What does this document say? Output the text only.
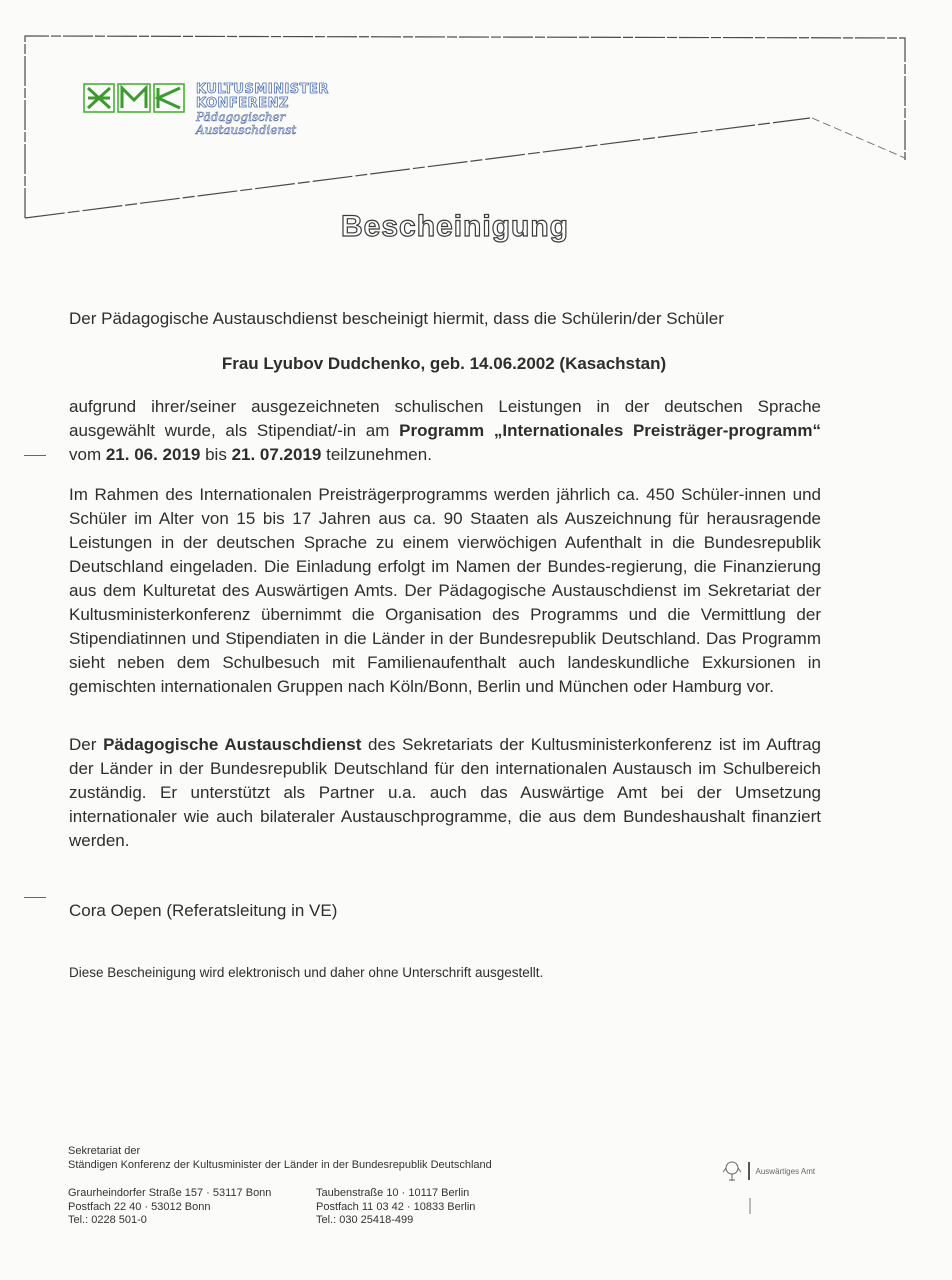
KULTUSMINISTER
KONFERENZ
Pädagogischer
Austauschdienst
Bescheinigung
Der Pädagogische Austauschdienst bescheinigt hiermit, dass die Schülerin/der Schüler
Frau Lyubov Dudchenko, geb. 14.06.2002 (Kasachstan)
aufgrund ihrer/seiner ausgezeichneten schulischen Leistungen in der deutschen Sprache ausgewählt wurde, als Stipendiat/-in am Programm „Internationales Preisträger-programm“ vom 21. 06. 2019 bis 21. 07.2019 teilzunehmen.
Im Rahmen des Internationalen Preisträgerprogramms werden jährlich ca. 450 Schüler-innen und Schüler im Alter von 15 bis 17 Jahren aus ca. 90 Staaten als Auszeichnung für herausragende Leistungen in der deutschen Sprache zu einem vierwöchigen Aufenthalt in die Bundesrepublik Deutschland eingeladen. Die Einladung erfolgt im Namen der Bundes-regierung, die Finanzierung aus dem Kulturetat des Auswärtigen Amts. Der Pädagogische Austauschdienst im Sekretariat der Kultusministerkonferenz übernimmt die Organisation des Programms und die Vermittlung der Stipendiatinnen und Stipendiaten in die Länder in der Bundesrepublik Deutschland. Das Programm sieht neben dem Schulbesuch mit Familienaufenthalt auch landeskundliche Exkursionen in gemischten internationalen Gruppen nach Köln/Bonn, Berlin und München oder Hamburg vor.
Der Pädagogische Austauschdienst des Sekretariats der Kultusministerkonferenz ist im Auftrag der Länder in der Bundesrepublik Deutschland für den internationalen Austausch im Schulbereich zuständig. Er unterstützt als Partner u.a. auch das Auswärtige Amt bei der Umsetzung internationaler wie auch bilateraler Austauschprogramme, die aus dem Bundeshaushalt finanziert werden.
Cora Oepen (Referatsleitung in VE)
Diese Bescheinigung wird elektronisch und daher ohne Unterschrift ausgestellt.
Sekretariat der
Ständigen Konferenz der Kultusminister der Länder in der Bundesrepublik Deutschland
Graurheindorfer Straße 157 · 53117 Bonn
Postfach 22 40 · 53012 Bonn
Tel.: 0228 501-0
Taubenstraße 10 · 10117 Berlin
Postfach 11 03 42 · 10833 Berlin
Tel.: 030 25418-499
Auswärtiges Amt
